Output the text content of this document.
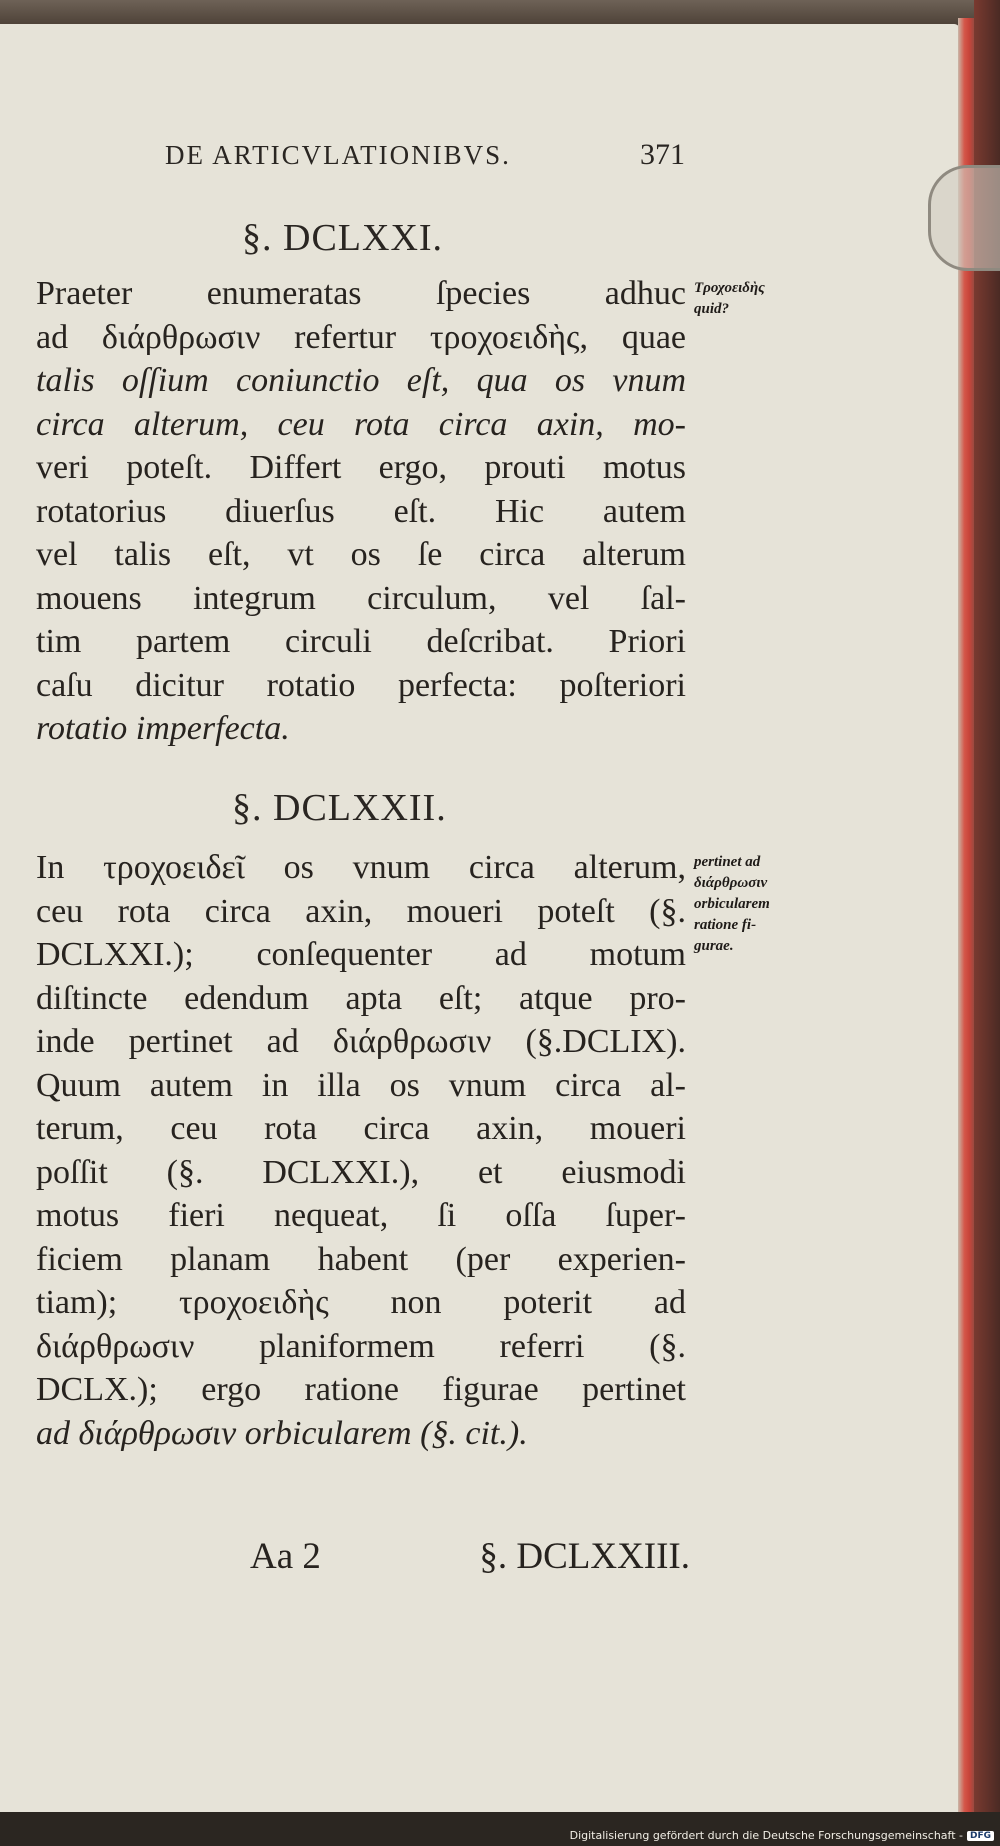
DE ARTICVLATIONIBVS.	371
§. DCLXXI.
Praeter enumeratas ſpecies adhuc
ad διάρθρωσιν refertur τροχοειδὴς, quae
talis oſſium coniunctio eſt, qua os vnum
circa alterum, ceu rota circa axin, mo-
veri poteſt. Differt ergo, prouti motus
rotatorius diuerſus eſt. Hic autem
vel talis eſt, vt os ſe circa alterum
mouens integrum circulum, vel ſal-
tim partem circuli deſcribat. Priori
caſu dicitur rotatio perfecta: poſteriori
rotatio imperfecta.
Τροχοειδὴς
quid?
§. DCLXXII.
In τροχοειδεῖ os vnum circa alterum,
ceu rota circa axin, moueri poteſt (§.
DCLXXI.); conſequenter ad motum
diſtincte edendum apta eſt; atque pro-
inde pertinet ad διάρθρωσιν (§.DCLIX).
Quum autem in illa os vnum circa al-
terum, ceu rota circa axin, moueri
poſſit (§. DCLXXI.), et eiusmodi
motus fieri nequeat, ſi oſſa ſuper-
ficiem planam habent (per experien-
tiam); τροχοειδὴς non poterit ad
διάρθρωσιν planiformem referri (§.
DCLX.); ergo ratione figurae pertinet
ad διάρθρωσιν orbicularem (§. cit.).
pertinet ad
διάρθρωσιν
orbicularem
ratione fi-
gurae.
Aa 2	§. DCLXXIII.
Digitalisierung gefördert durch die Deutsche Forschungsgemeinschaft - DFG
